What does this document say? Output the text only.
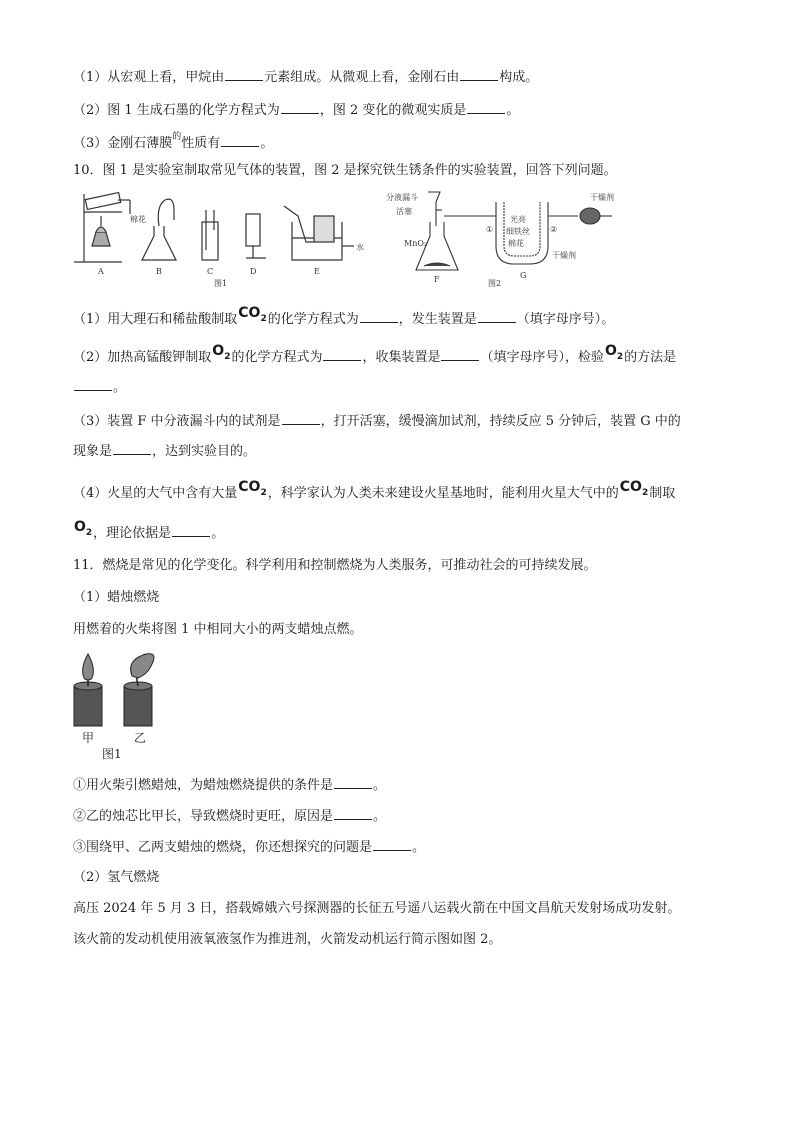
（1）从宏观上看，甲烷由	元素组成。从微观上看，金刚石由	构成。
（2）图 1 生成石墨的化学方程式为	，图 2 变化的微观实质是	。
（3）金刚石薄膜$^的$性质有	。
10．图 1 是实验室制取常见气体的装置，图 2 是探究铁生锈条件的实验装置，回答下列问题。
棉花
水
A	B	C	D	E
图1
分液漏斗
活塞
MnO₂
光亮
细铁丝
棉花
①	②
干燥剂
干燥剂
F	G
图2
（1）用大理石和稀盐酸制取$CO_2$的化学方程式为	，发生装置是	（填字母序号）。
（2）加热高锰酸钾制取$O_2$的化学方程式为	，收集装置是	（填字母序号），检验$O_2$的方法是
。
（3）装置 F 中分液漏斗内的试剂是	，打开活塞，缓慢滴加试剂，持续反应 5 分钟后，装置 G 中的
现象是	，达到实验目的。
（4）火星的大气中含有大量$CO_2$，科学家认为人类未来建设火星基地时，能利用火星大气中的$CO_2$制取
$O_2$，理论依据是	。
11．燃烧是常见的化学变化。科学利用和控制燃烧为人类服务，可推动社会的可持续发展。
（1）蜡烛燃烧
用燃着的火柴将图 1 中相同大小的两支蜡烛点燃。
甲	乙
图1
①用火柴引燃蜡烛，为蜡烛燃烧提供的条件是	。
②乙的烛芯比甲长，导致燃烧时更旺，原因是	。
③围绕甲、乙两支蜡烛的燃烧，你还想探究的问题是	。
（2）氢气燃烧
高压 2024 年 5 月 3 日，搭载嫦娥六号探测器的长征五号遥八运载火箭在中国文昌航天发射场成功发射。
该火箭的发动机使用液氧液氢作为推进剂，火箭发动机运行简示图如图 2。
